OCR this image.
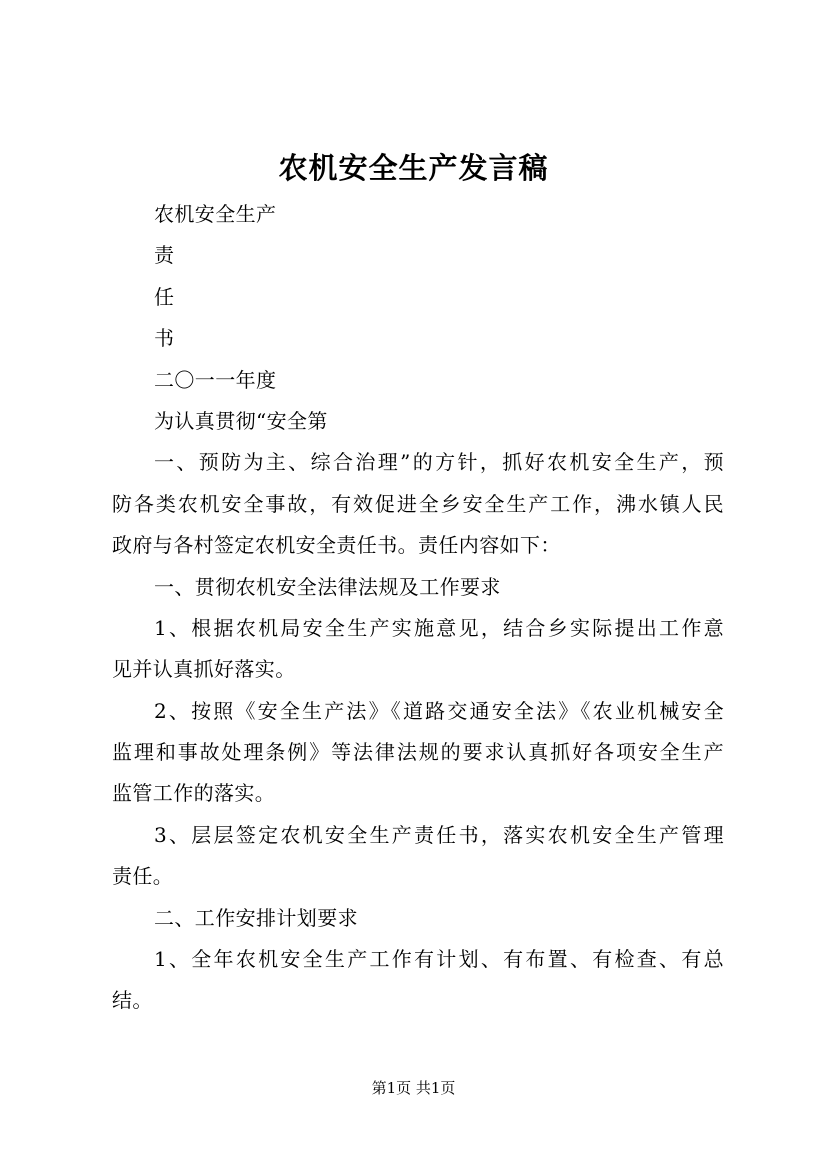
农机安全生产发言稿
农机安全生产
责
任
书
二〇一一年度
为认真贯彻“安全第
一、预防为主、综合治理”的方针，抓好农机安全生产，预
防各类农机安全事故，有效促进全乡安全生产工作，沸水镇人民
政府与各村签定农机安全责任书。责任内容如下：
一、贯彻农机安全法律法规及工作要求
1、根据农机局安全生产实施意见，结合乡实际提出工作意
见并认真抓好落实。
2、按照《安全生产法》《道路交通安全法》《农业机械安全
监理和事故处理条例》等法律法规的要求认真抓好各项安全生产
监管工作的落实。
3、层层签定农机安全生产责任书，落实农机安全生产管理
责任。
二、工作安排计划要求
1、全年农机安全生产工作有计划、有布置、有检查、有总
结。
第1页 共1页
